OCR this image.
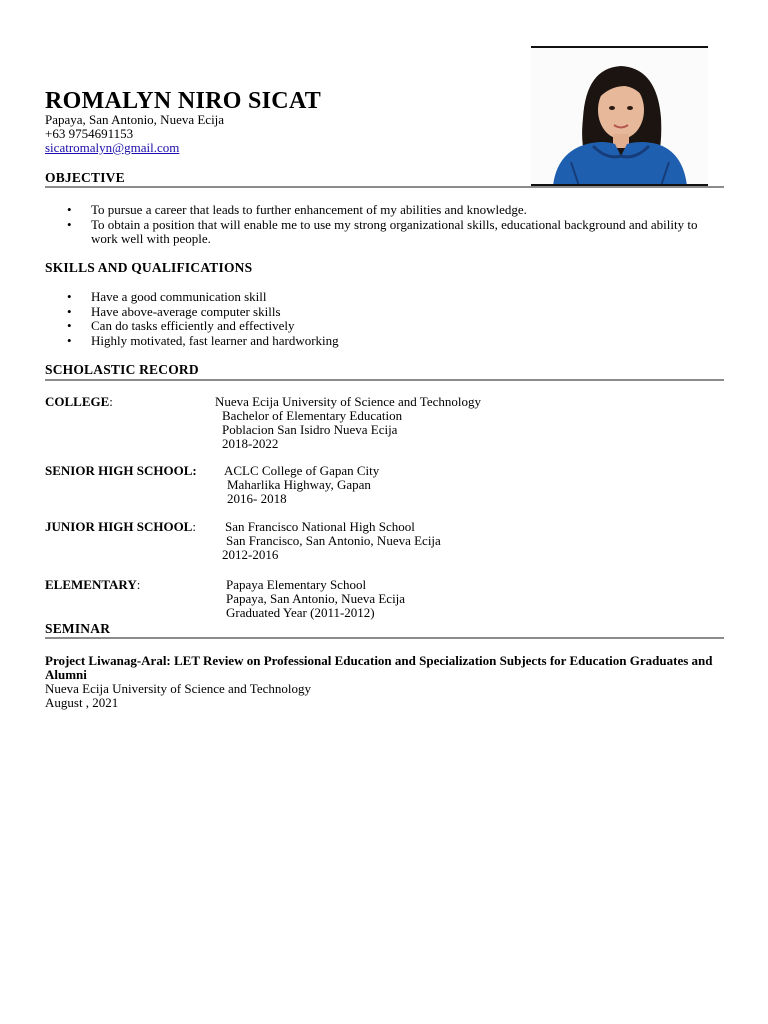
ROMALYN NIRO SICAT
Papaya, San Antonio, Nueva Ecija
+63 9754691153
sicatromalyn@gmail.com
OBJECTIVE
• To pursue a career that leads to further enhancement of my abilities and knowledge.
• To obtain a position that will enable me to use my strong organizational skills, educational background and ability to work well with people.
SKILLS AND QUALIFICATIONS
• Have a good communication skill
• Have above-average computer skills
• Can do tasks efficiently and effectively
• Highly motivated, fast learner and hardworking
SCHOLASTIC RECORD
COLLEGE:	Nueva Ecija University of Science and Technology
Bachelor of Elementary Education
Poblacion San Isidro Nueva Ecija
2018-2022
SENIOR HIGH SCHOOL: ACLC College of Gapan City
Maharlika Highway, Gapan
2016- 2018
JUNIOR HIGH SCHOOL: San Francisco National High School
San Francisco, San Antonio, Nueva Ecija
2012-2016
ELEMENTARY:	Papaya Elementary School
Papaya, San Antonio, Nueva Ecija
Graduated Year (2011-2012)
SEMINAR
Project Liwanag-Aral: LET Review on Professional Education and Specialization Subjects for Education Graduates and Alumni
Nueva Ecija University of Science and Technology
August , 2021
